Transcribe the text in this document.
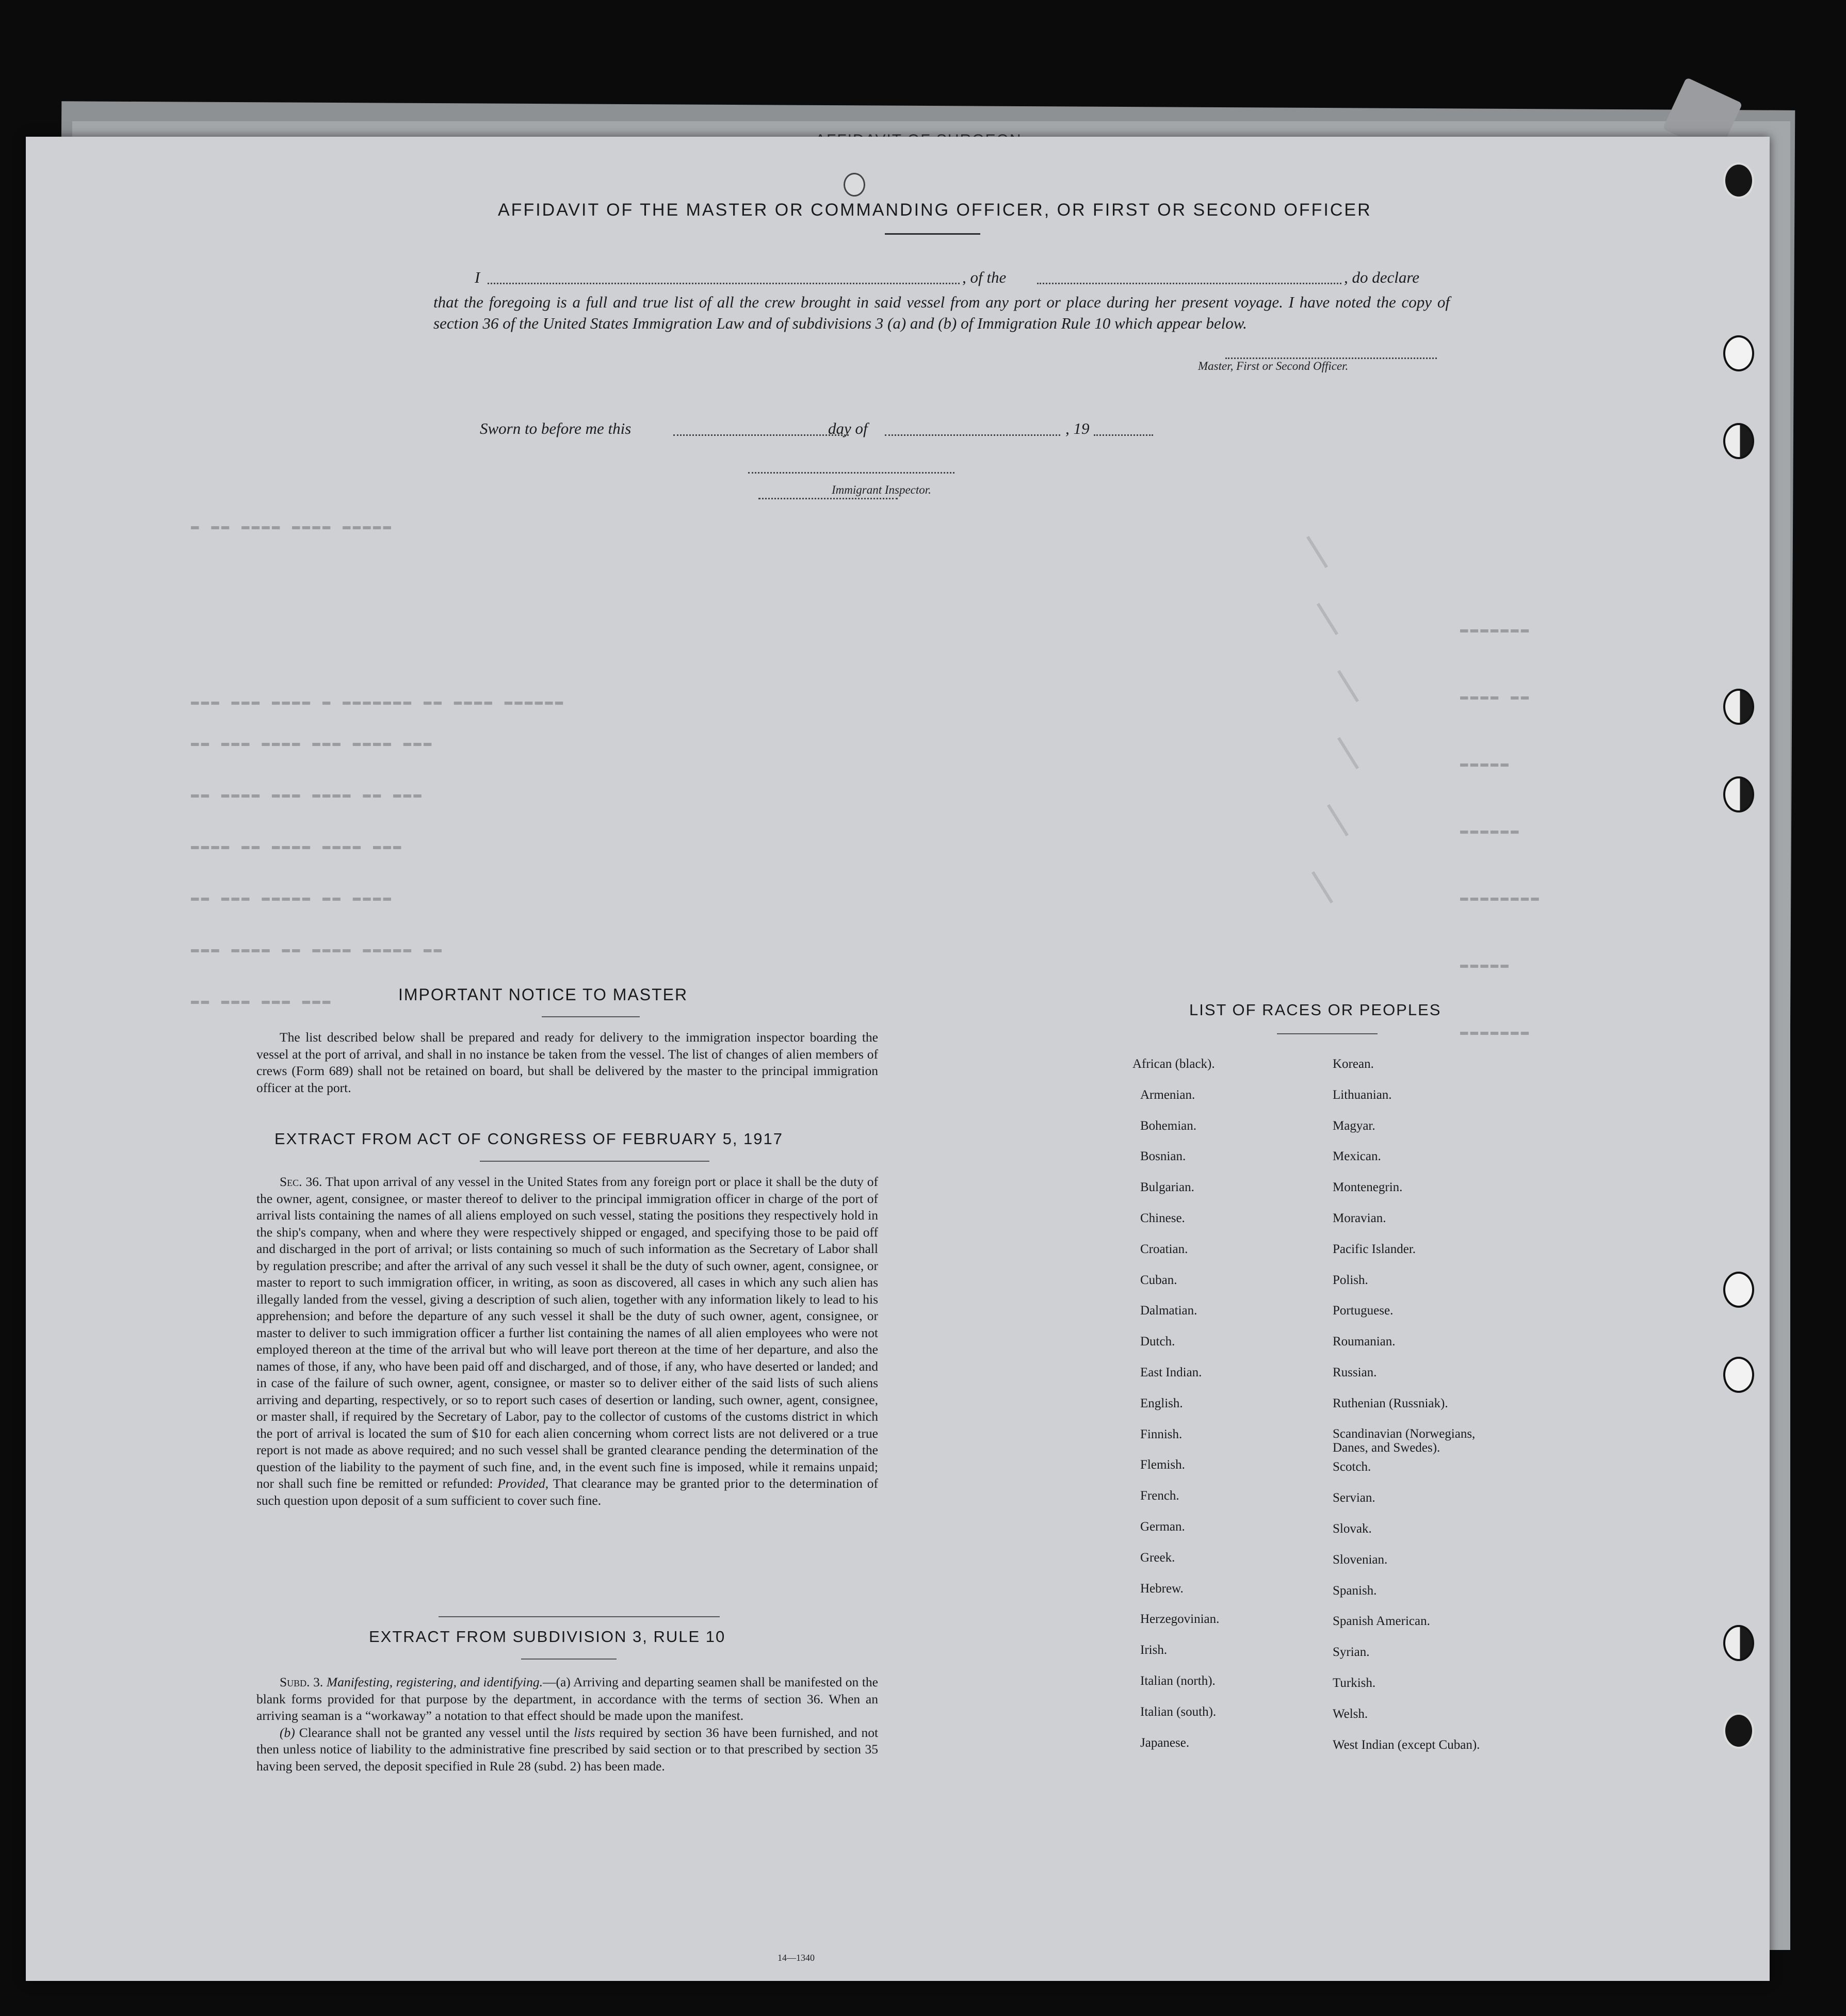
▬ ▬▬ ▬▬▬▬ ▬▬▬▬ ▬▬▬▬▬
▬▬▬ ▬▬▬ ▬▬▬▬ ▬ ▬▬▬▬▬▬▬ ▬▬ ▬▬▬▬ ▬▬▬▬▬▬
▬▬ ▬▬▬ ▬▬▬▬ ▬▬▬ ▬▬▬▬ ▬▬▬
▬▬ ▬▬▬▬ ▬▬▬ ▬▬▬▬ ▬▬ ▬▬▬
▬▬▬▬ ▬▬ ▬▬▬▬ ▬▬▬▬ ▬▬▬
▬▬ ▬▬▬ ▬▬▬▬▬ ▬▬ ▬▬▬▬
▬▬▬ ▬▬▬▬ ▬▬ ▬▬▬▬ ▬▬▬▬▬ ▬▬
▬▬ ▬▬▬ ▬▬▬ ▬▬▬
▬▬▬▬▬▬▬
▬▬▬▬ ▬▬
▬▬▬▬▬
▬▬▬▬▬▬
▬▬▬▬▬▬▬▬
▬▬▬▬▬
▬▬▬▬▬▬▬
AFFIDAVIT OF THE MASTER OR COMMANDING OFFICER, OR FIRST OR SECOND OFFICER
I	, of the	, do declare
that the foregoing is a full and true list of all the crew brought in said vessel from any port or place during her present voyage. I have noted the copy of section 36 of the United States Immigration Law and of subdivisions 3 (a) and (b) of Immigration Rule 10 which appear below.
Master, First or Second Officer.
Sworn to before me this	day of	, 19
Immigrant Inspector.
IMPORTANT NOTICE TO MASTER

The list described below shall be prepared and ready for delivery to the immigration inspector boarding the vessel at the port of arrival, and shall in no instance be taken from the vessel. The list of changes of alien members of crews (Form 689) shall not be retained on board, but shall be delivered by the master to the principal immigration officer at the port.

EXTRACT FROM ACT OF CONGRESS OF FEBRUARY 5, 1917

Sec. 36. That upon arrival of any vessel in the United States from any foreign port or place it shall be the duty of the owner, agent, consignee, or master thereof to deliver to the principal immigration officer in charge of the port of arrival lists containing the names of all aliens employed on such vessel, stating the positions they respectively hold in the ship's company, when and where they were respectively shipped or engaged, and specifying those to be paid off and discharged in the port of arrival; or lists containing so much of such information as the Secretary of Labor shall by regulation prescribe; and after the arrival of any such vessel it shall be the duty of such owner, agent, consignee, or master to report to such immigration officer, in writing, as soon as discovered, all cases in which any such alien has illegally landed from the vessel, giving a description of such alien, together with any information likely to lead to his apprehension; and before the departure of any such vessel it shall be the duty of such owner, agent, consignee, or master to deliver to such immigration officer a further list containing the names of all alien employees who were not employed thereon at the time of the arrival but who will leave port thereon at the time of her departure, and also the names of those, if any, who have been paid off and discharged, and of those, if any, who have deserted or landed; and in case of the failure of such owner, agent, consignee, or master so to deliver either of the said lists of such aliens arriving and departing, respectively, or so to report such cases of desertion or landing, such owner, agent, consignee, or master shall, if required by the Secretary of Labor, pay to the collector of customs of the customs district in which the port of arrival is located the sum of $10 for each alien concerning whom correct lists are not delivered or a true report is not made as above required; and no such vessel shall be granted clearance pending the determination of the question of the liability to the payment of such fine, and, in the event such fine is imposed, while it remains unpaid; nor shall such fine be remitted or refunded: Provided, That clearance may be granted prior to the determination of such question upon deposit of a sum sufficient to cover such fine.

EXTRACT FROM SUBDIVISION 3, RULE 10

Subd. 3. Manifesting, registering, and identifying.—(a) Arriving and departing seamen shall be manifested on the blank forms provided for that purpose by the department, in accordance with the terms of section 36. When an arriving seaman is a “workaway” a notation to that effect should be made upon the manifest.

(b) Clearance shall not be granted any vessel until the lists required by section 36 have been furnished, and not then unless notice of liability to the administrative fine prescribed by said section or to that prescribed by section 35 having been served, the deposit specified in Rule 28 (subd. 2) has been made.

14—1340
LIST OF RACES OR PEOPLES
African (black).
Armenian.
Bohemian.
Bosnian.
Bulgarian.
Chinese.
Croatian.
Cuban.
Dalmatian.
Dutch.
East Indian.
English.
Finnish.
Flemish.
French.
German.
Greek.
Hebrew.
Herzegovinian.
Irish.
Italian (north).
Italian (south).
Japanese.
Korean.
Lithuanian.
Magyar.
Mexican.
Montenegrin.
Moravian.
Pacific Islander.
Polish.
Portuguese.
Roumanian.
Russian.
Ruthenian (Russniak).
Scandinavian (Norwegians, Danes, and Swedes).
Scotch.
Servian.
Slovak.
Slovenian.
Spanish.
Spanish American.
Syrian.
Turkish.
Welsh.
West Indian (except Cuban).
